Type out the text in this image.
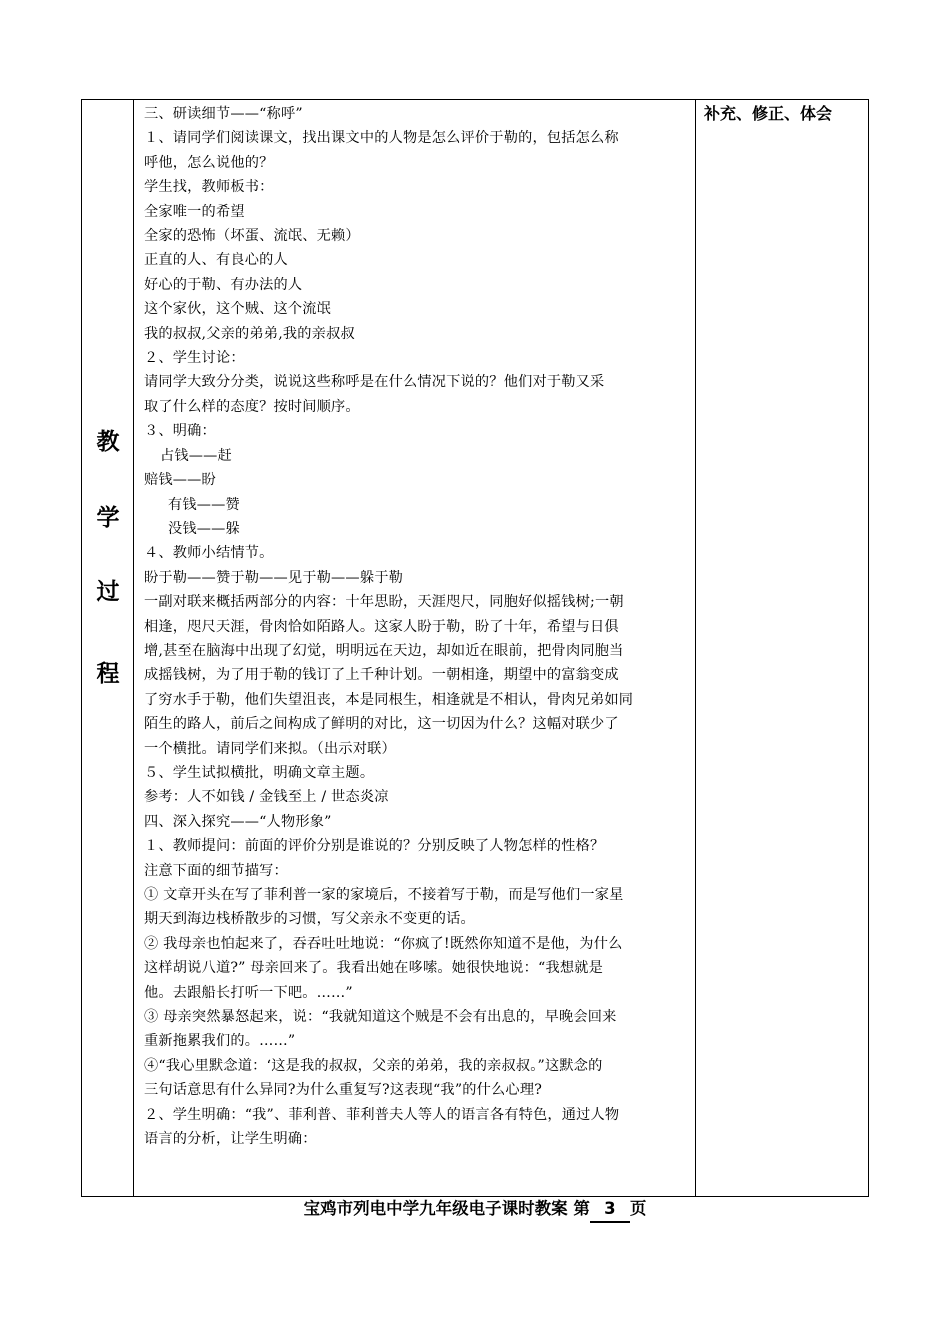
教
学
过
程

三、研读细节——“称呼”
１、请同学们阅读课文，找出课文中的人物是怎么评价于勒的，包括怎么称
呼他，怎么说他的？
学生找，教师板书：
全家唯一的希望
全家的恐怖（坏蛋、流氓、无赖）
正直的人、有良心的人
好心的于勒、有办法的人
这个家伙，这个贼、这个流氓
我的叔叔,父亲的弟弟,我的亲叔叔
２、学生讨论：
请同学大致分分类，说说这些称呼是在什么情况下说的？他们对于勒又采
取了什么样的态度？按时间顺序。
３、明确：
占钱——赶
赔钱——盼
有钱——赞
没钱——躲
４、教师小结情节。
盼于勒——赞于勒——见于勒——躲于勒
一副对联来概括两部分的内容：十年思盼，天涯咫尺，同胞好似摇钱树;一朝
相逢，咫尺天涯，骨肉恰如陌路人。这家人盼于勒，盼了十年，希望与日俱
增,甚至在脑海中出现了幻觉，明明远在天边，却如近在眼前，把骨肉同胞当
成摇钱树，为了用于勒的钱订了上千种计划。一朝相逢，期望中的富翁变成
了穷水手于勒，他们失望沮丧，本是同根生，相逢就是不相认，骨肉兄弟如同
陌生的路人，前后之间构成了鲜明的对比，这一切因为什么？这幅对联少了
一个横批。请同学们来拟。（出示对联）
５、学生试拟横批，明确文章主题。
参考：人不如钱 / 金钱至上 / 世态炎凉
四、深入探究——“人物形象”
１、教师提问：前面的评价分别是谁说的？分别反映了人物怎样的性格？
注意下面的细节描写：
① 文章开头在写了菲利普一家的家境后，不接着写于勒，而是写他们一家星
期天到海边栈桥散步的习惯，写父亲永不变更的话。
② 我母亲也怕起来了，吞吞吐吐地说：“你疯了!既然你知道不是他，为什么
这样胡说八道?” 母亲回来了。我看出她在哆嗦。她很快地说：“我想就是
他。去跟船长打听一下吧。……”
③ 母亲突然暴怒起来，说：“我就知道这个贼是不会有出息的，早晚会回来
重新拖累我们的。……”
④“我心里默念道：‘这是我的叔叔，父亲的弟弟，我的亲叔叔。”这默念的
三句话意思有什么异同?为什么重复写?这表现“我”的什么心理?
２、学生明确：“我”、菲利普、菲利普夫人等人的语言各有特色，通过人物
语言的分析，让学生明确：

补充、修正、体会
宝鸡市列电中学九年级电子课时教案 第 3 页
